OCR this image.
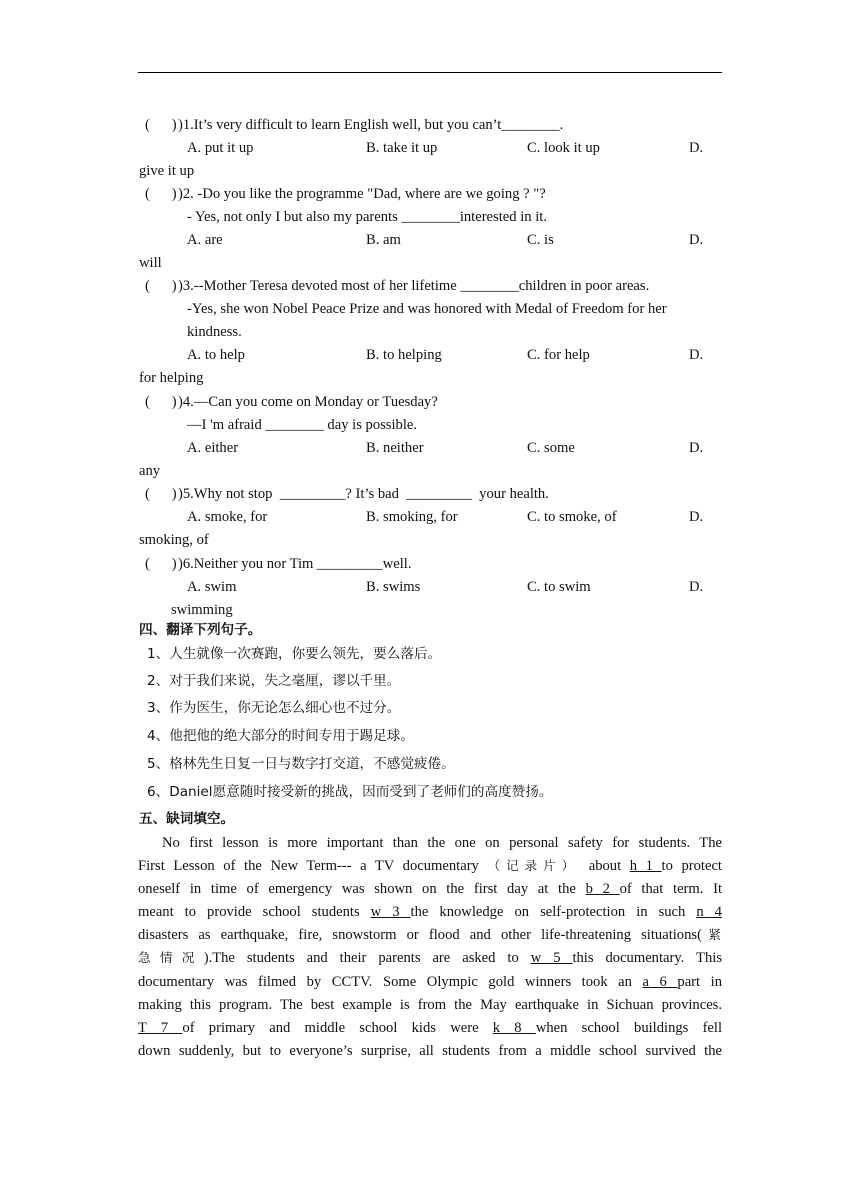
(      ) )1.It’s very difficult to learn English well, but you can’t________.
A. put it up	B. take it up	C. look it up	D.
give it up
(      ) )2. -Do you like the programme "Dad, where are we going ? "?
- Yes, not only I but also my parents ________interested in it.
A. are	B. am	C. is	D.
will
(      ) )3.--Mother Teresa devoted most of her lifetime ________children in poor areas.
-Yes, she won Nobel Peace Prize and was honored with Medal of Freedom for her
kindness.
A. to help	B. to helping	C. for help	D.
for helping
(      ) )4.—Can you come on Monday or Tuesday?
—I 'm afraid ________ day is possible.
A. either	B. neither	C. some	D.
any
(      ) )5.Why not stop  _________? It’s bad  _________  your health.
A. smoke, for	B. smoking, for	C. to smoke, of	D.
smoking, of
(      ) )6.Neither you nor Tim _________well.
A. swim	B. swims	C. to swim	D.
swimming
四、翻译下列句子。
1、人生就像一次赛跑，你要么领先，要么落后。
2、对于我们来说，失之毫厘，谬以千里。
3、作为医生，你无论怎么细心也不过分。
4、他把他的绝大部分的时间专用于踢足球。
5、格林先生日复一日与数字打交道，不感觉疲倦。
6、Daniel愿意随时接受新的挑战，因而受到了老师们的高度赞扬。
五、缺词填空。
No first lesson is more important than the one on personal safety for students. The
First Lesson of the New Term--- a TV documentary （记录片） about h 1 to protect
oneself in time of emergency was shown on the first day at the b 2 of that term. It
meant to provide school students w 3 the knowledge on self-protection in such n 4
disasters as earthquake, fire, snowstorm or flood and other life-threatening situations(紧
急情况).The students and their parents are asked to w 5 this documentary. This
documentary was filmed by CCTV. Some Olympic gold winners took an a 6 part in
making this program. The best example is from the May earthquake in Sichuan provinces.
T 7 of primary and middle school kids were k 8 when school buildings fell
down suddenly, but to everyone’s surprise, all students from a middle school survived the
